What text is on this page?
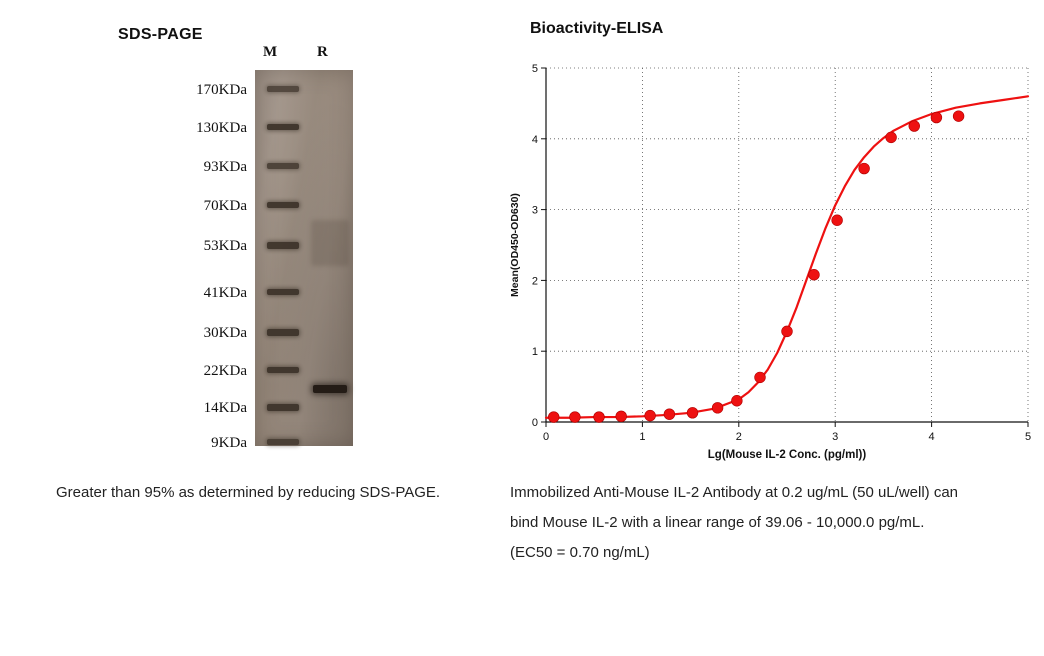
SDS-PAGE
170KDa
130KDa
93KDa
70KDa
53KDa
41KDa
30KDa
22KDa
14KDa
9KDa
M	R
Greater than 95% as determined by reducing SDS-PAGE.
Bioactivity-ELISA
0	1	2	3	4	5
0
1
2
3
4
5
Lg(Mouse IL-2 Conc. (pg/ml))
Mean(OD450-OD630)
Immobilized Anti-Mouse IL-2 Antibody at 0.2 ug/mL (50 uL/well) can bind Mouse IL-2 with a linear range of 39.06 - 10,000.0 pg/mL. (EC50 = 0.70 ng/mL)
